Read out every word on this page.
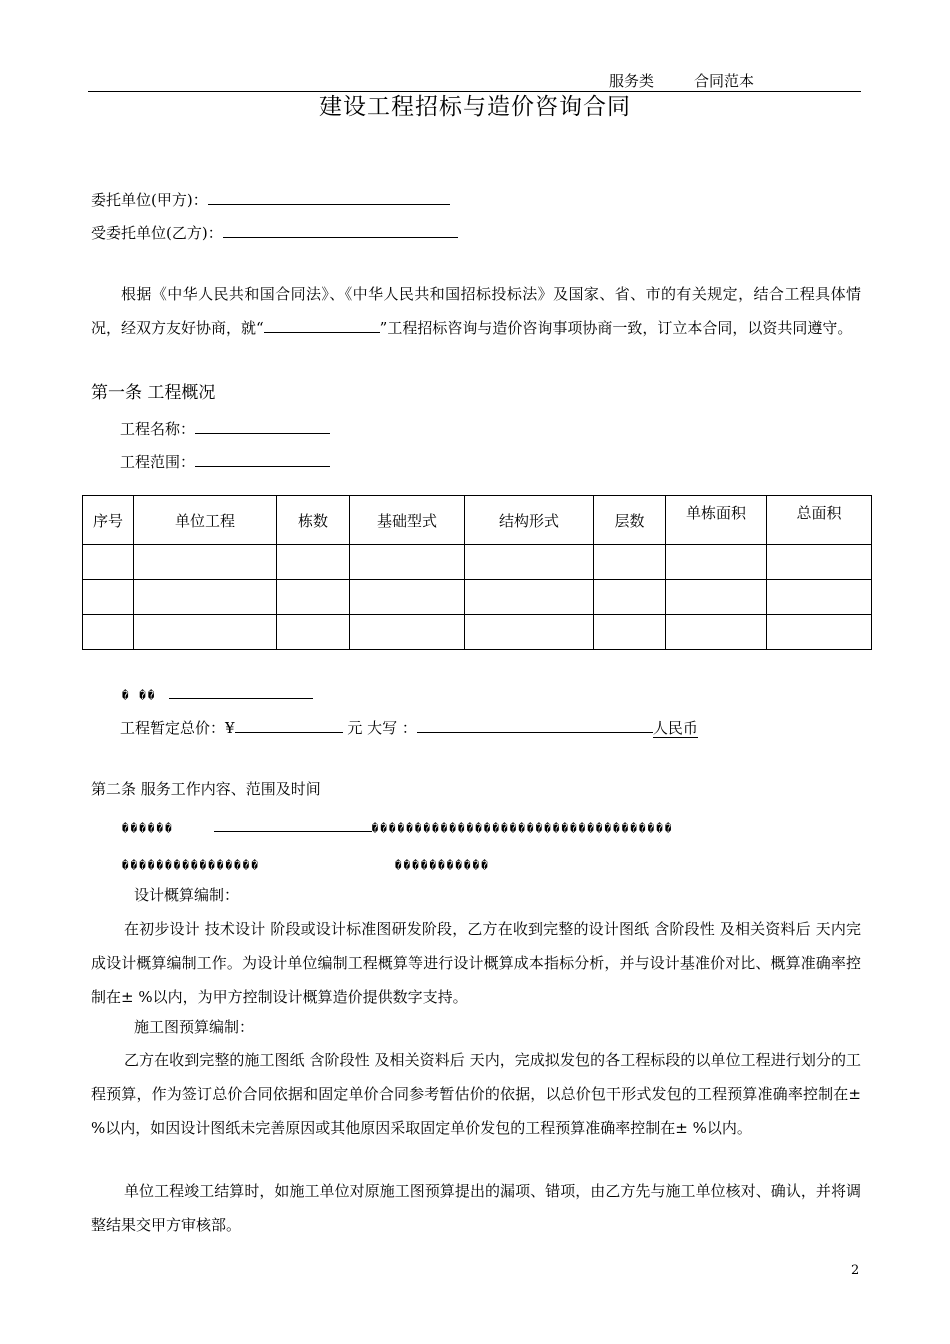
服务类	合同范本
建设工程招标与造价咨询合同
委托单位(甲方)：
受委托单位(乙方)：
根据《中华人民共和国合同法》、《中华人民共和国招标投标法》及国家、省、市的有关规定，结合工程具体情况，经双方友好协商，就“	”工程招标咨询与造价咨询事项协商一致，订立本合同，以资共同遵守。
第一条 工程概况
工程名称：
工程范围：
序号	单位工程	栋数	基础型式	结构形式	层数	单栋面积	总面积

� ��
工程暂定总价：¥	元 大写 ：	人民币
第二条 服务工作内容、范围及时间
������	�����������������������������������
����������������	�����������
设计概算编制：
在初步设计 技术设计 阶段或设计标准图研发阶段，乙方在收到完整的设计图纸 含阶段性 及相关资料后 天内完成设计概算编制工作。为设计单位编制工程概算等进行设计概算成本指标分析，并与设计基准价对比、概算准确率控制在± %以内，为甲方控制设计概算造价提供数字支持。
施工图预算编制：
乙方在收到完整的施工图纸 含阶段性 及相关资料后 天内，完成拟发包的各工程标段的以单位工程进行划分的工程预算，作为签订总价合同依据和固定单价合同参考暂估价的依据，以总价包干形式发包的工程预算准确率控制在± %以内，如因设计图纸未完善原因或其他原因采取固定单价发包的工程预算准确率控制在± %以内。
单位工程竣工结算时，如施工单位对原施工图预算提出的漏项、错项，由乙方先与施工单位核对、确认，并将调整结果交甲方审核部。
2
